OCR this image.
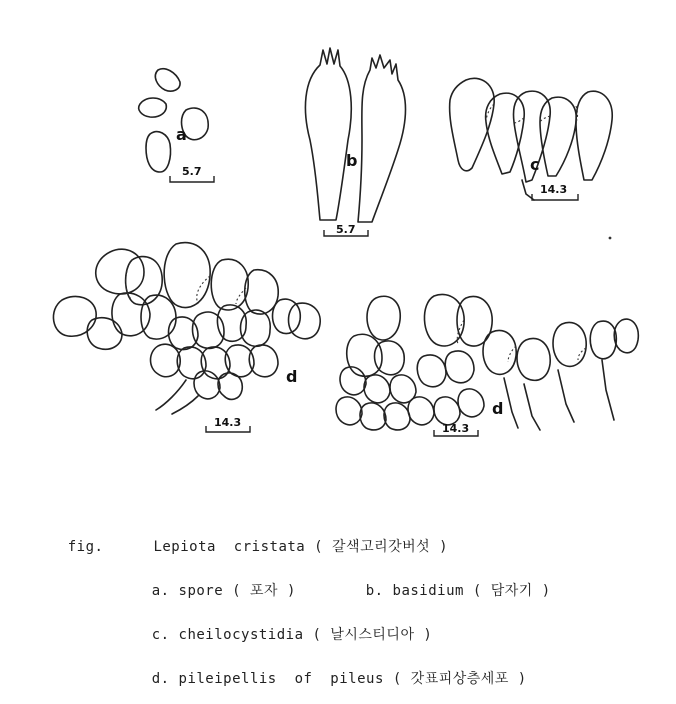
a
5.7
b
5.7
c
14.3
d
14.3
d
14.3

fig.	Lepiota  cristata ( 갈색고리갓버섯 )

a. spore ( 포자 )
	b. basidium ( 담자기 )

c. cheilocystidia ( 날시스티디아 )

d. pileipellis  of  pileus ( 갓표피상층세포 )
